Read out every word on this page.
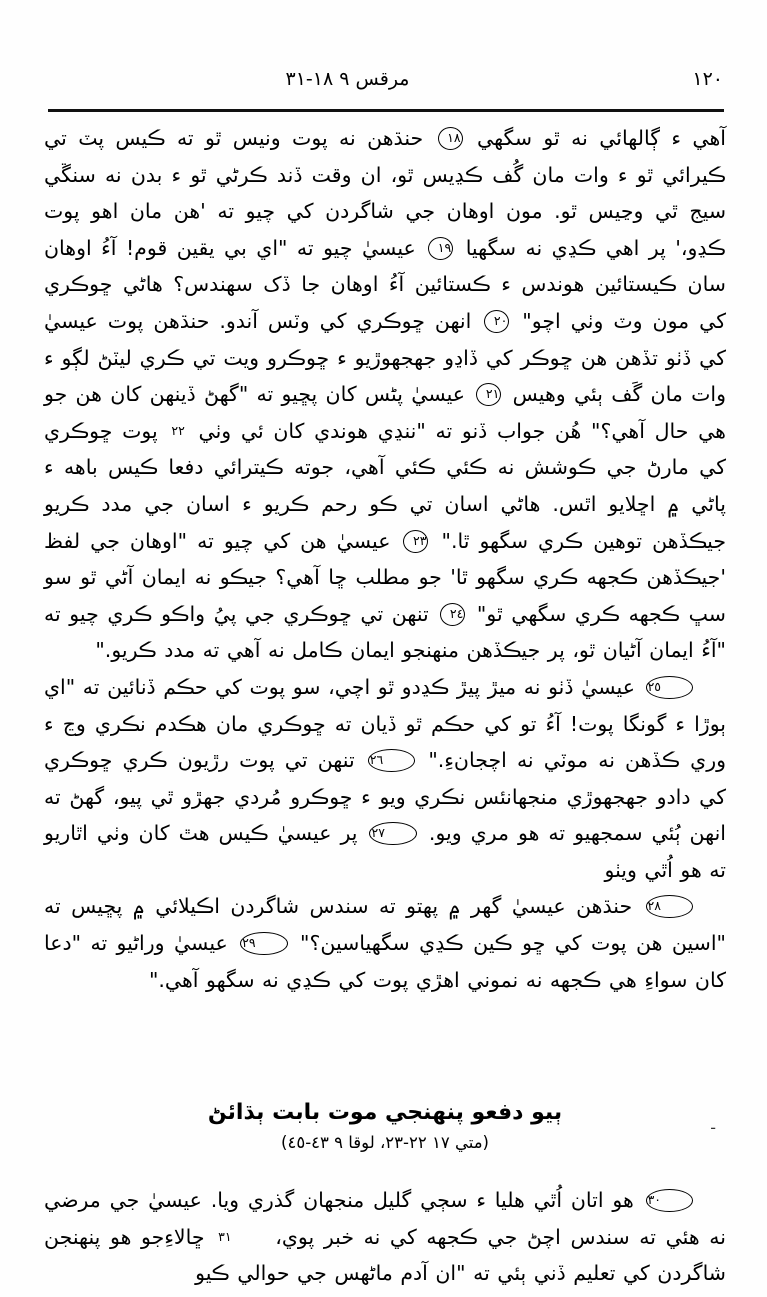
مرقس ٩ ١٨-٣١	١٢٠

آهي ء ڳالهائي نه ٿو سگهي ١٨ حنڌهن نه پوت ونيس ٿو ته ڪيس پٽ تي ڪيرائي ٿو ء وات مان گُف ڪڍيس ٿو، ان وقت ڏند ڪرڻي ٿو ء بدن نه سنڱي سيج ٿي وڃيس ٿو. مون اوهان جي شاگردن کي چيو ته 'هن مان اهو پوت ڪڍو،' پر اهي ڪڍي نه سگهيا ١٩ عيسيٰ چيو ته "اي بي يقين قوم! آءُ اوهان سان ڪيستائين هوندس ء ڪستائين آءُ اوهان جا ڏک سهندس؟ هاڻي ڇوڪري کي مون وٽ وٺي اچو" ٢٠ انهن ڇوڪري کي وٽس آندو. حنڌهن پوت عيسيٰ کي ڏٺو تڏهن هن ڇوڪر کي ڏاڍو جهجهوڙيو ء ڇوڪرو ويت تي ڪري ليٽڻ لڳو ء وات مان گَف ٻئي وهيس ٢١ عيسيٰ پڻس کان پڇيو ته "گهڻ ڏينهن کان هن جو هي حال آهي؟" هُن جواب ڏنو ته "ننڍي هوندي کان ئي وٺي ٢٢ پوت ڇوڪري کي مارڻ جي ڪوشش نه ڪئي ڪئي آهي، جوته ڪيترائي دفعا ڪيس باهه ء پاڻي ۾ اڇلايو اٿس. هاڻي اسان تي ڪو رحم ڪريو ء اسان جي مدد ڪريو جيڪڏهن توهين ڪري سگهو ٿا." ٢٣ عيسيٰ هن کي چيو ته "اوهان جي لفظ 'جيڪڏهن ڪجهه ڪري سگهو ٿا' جو مطلب ڇا آهي؟ جيڪو نه ايمان آڻي ٿو سو سڀ ڪجهه ڪري سگهي ٿو" ٢٤ تنهن تي ڇوڪري جي پيُ واڪو ڪري چيو ته "آءُ ايمان آڻيان ٿو، پر جيڪڏهن منهنجو ايمان ڪامل نه آهي ته مدد ڪريو."

٢٥ عيسيٰ ڏٺو نه ميڙ پيڙ ڪڍدو ٿو اچي، سو پوت کي حڪم ڏنائين ته "اي ٻوڙا ء گونگا پوت! آءُ تو کي حڪم ٿو ڏيان ته ڇوڪري مان هڪدم نڪري وڃ ء وري ڪڏهن نه موٽي نه اچجانءِ." ٢٦ تنهن تي پوت رڙيون ڪري ڇوڪري کي دادو جهجهوڙي منجهانئس نڪري ويو ء ڇوڪرو مُردي جهڙو ٿي پيو، گهڻ ته انهن ٻُئي سمجهيو ته هو مري ويو. ٢٧ پر عيسيٰ ڪيس هٿ کان وٺي اٿاريو ته هو اُٿي ويٺو

٢٨ حنڌهن عيسيٰ گهر ۾ پهتو ته سندس شاگردن اڪيلائي ۾ پڇيس ته "اسين هن پوت کي ڇو ڪين ڪڍي سگهياسين؟" ٢٩ عيسيٰ وراڻيو ته "دعا کان سواءِ هي ڪجهه نه نموني اهڙي پوت کي ڪڍي نه سگهو آهي."

ٻيو دفعو پنهنجي موت بابت ٻڌائڻ
(متي ١٧ ٢٢-٢٣، لوقا ٩ ٤٣-٤٥)
-

٣٠ هو اتان اُٿي هليا ء سڄي گليل منجهان گذري ويا. عيسيٰ جي مرضي نه هئي ته سندس اچڻ جي ڪجهه کي نه خبر پوي، ٣١ ڇالاءِجو هو پنهنجن شاگردن کي تعليم ڏني ٻئي ته "ان آدم ماڻهس جي حوالي ڪيو
